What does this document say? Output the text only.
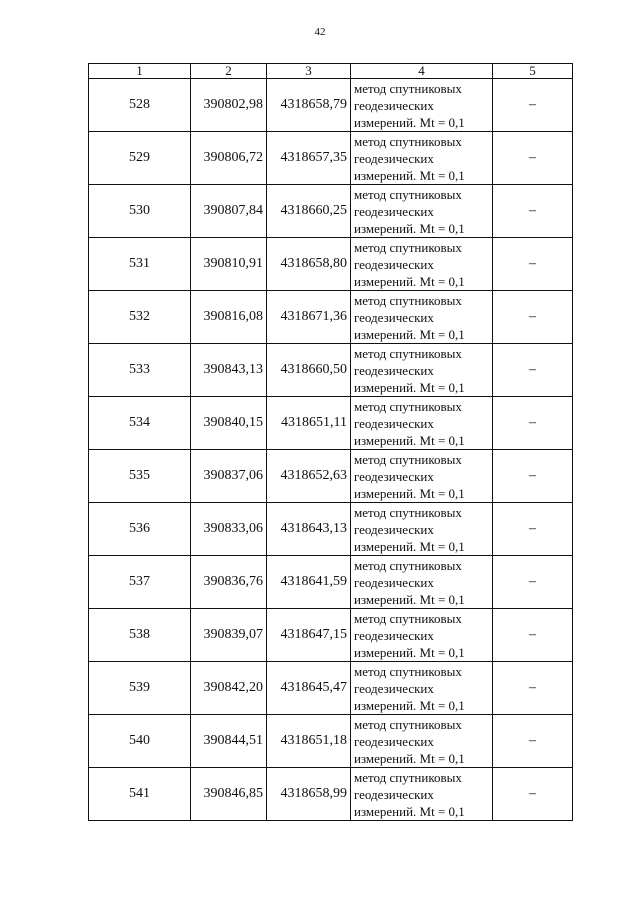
42
1	2	3	4	5
528	390802,98	4318658,79	метод спутниковых
геодезических
измерений. Mt = 0,1	–
529	390806,72	4318657,35	метод спутниковых
геодезических
измерений. Mt = 0,1	–
530	390807,84	4318660,25	метод спутниковых
геодезических
измерений. Mt = 0,1	–
531	390810,91	4318658,80	метод спутниковых
геодезических
измерений. Mt = 0,1	–
532	390816,08	4318671,36	метод спутниковых
геодезических
измерений. Mt = 0,1	–
533	390843,13	4318660,50	метод спутниковых
геодезических
измерений. Mt = 0,1	–
534	390840,15	4318651,11	метод спутниковых
геодезических
измерений. Mt = 0,1	–
535	390837,06	4318652,63	метод спутниковых
геодезических
измерений. Mt = 0,1	–
536	390833,06	4318643,13	метод спутниковых
геодезических
измерений. Mt = 0,1	–
537	390836,76	4318641,59	метод спутниковых
геодезических
измерений. Mt = 0,1	–
538	390839,07	4318647,15	метод спутниковых
геодезических
измерений. Mt = 0,1	–
539	390842,20	4318645,47	метод спутниковых
геодезических
измерений. Mt = 0,1	–
540	390844,51	4318651,18	метод спутниковых
геодезических
измерений. Mt = 0,1	–
541	390846,85	4318658,99	метод спутниковых
геодезических
измерений. Mt = 0,1	–
